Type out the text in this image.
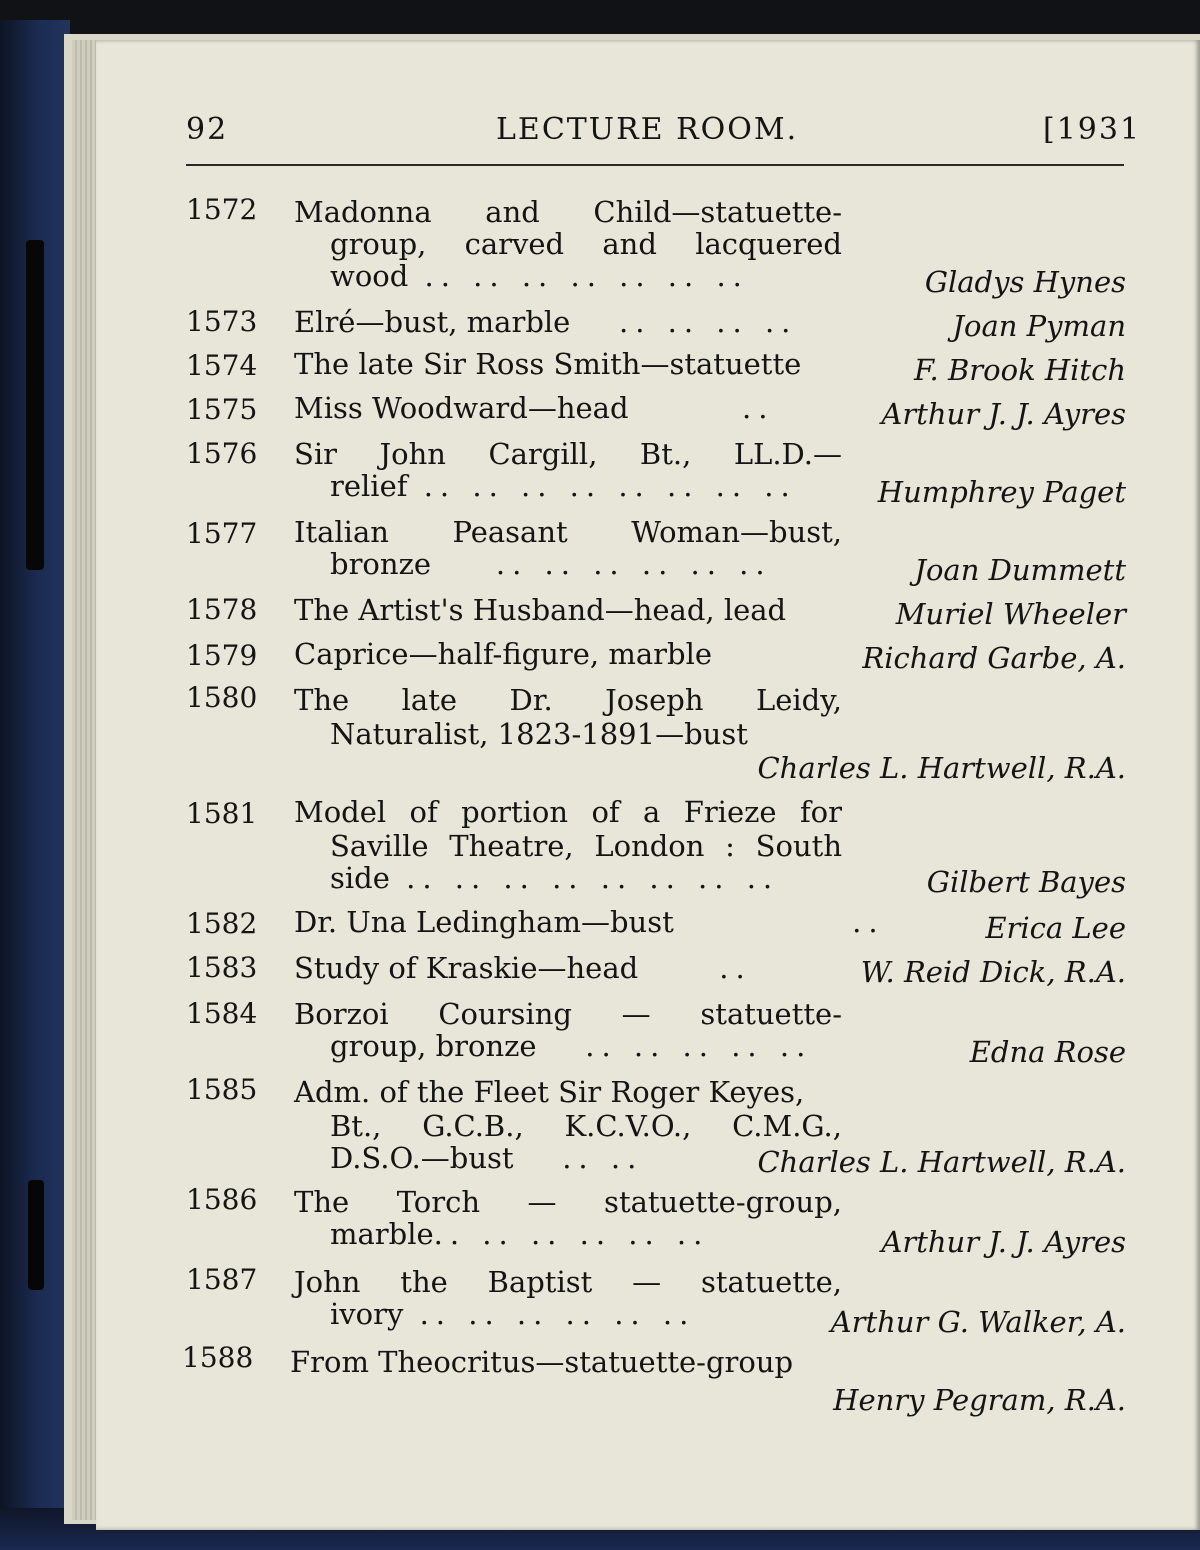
92	LECTURE ROOM.	[1931
1572 Madonna and Child—statuette-
group, carved and lacquered
wood .. .. .. .. .. .. ..	Gladys Hynes
1573 Elré—bust, marble   .. .. .. ..	Joan Pyman
1574 The late Sir Ross Smith—statuette	F. Brook Hitch
1575 Miss Woodward—head       ..	Arthur J. J. Ayres
1576 Sir John Cargill, Bt., LL.D.—
relief .. .. .. .. .. .. .. ..	Humphrey Paget
1577 Italian Peasant Woman—bust,
bronze    .. .. .. .. .. ..	Joan Dummett
1578 The Artist's Husband—head, lead	Muriel Wheeler
1579 Caprice—half-figure, marble	Richard Garbe, A.
1580 The late Dr. Joseph Leidy,
Naturalist, 1823-1891—bust
Charles L. Hartwell, R.A.
1581 Model of portion of a Frieze for
Saville Theatre, London : South
side .. .. .. .. .. .. .. ..	Gilbert Bayes
1582 Dr. Una Ledingham—bust           ..	Erica Lee
1583 Study of Kraskie—head     ..	W. Reid Dick, R.A.
1584 Borzoi Coursing — statuette-
group, bronze   .. .. .. .. ..	Edna Rose
1585 Adm. of the Fleet Sir Roger Keyes,
Bt., G.C.B., K.C.V.O., C.M.G.,
D.S.O.—bust   .. ..	Charles L. Hartwell, R.A.
1586 The Torch — statuette-group,
marble.. .. .. .. .. ..	Arthur J. J. Ayres
1587 John the Baptist — statuette,
ivory .. .. .. .. .. ..	Arthur G. Walker, A.
1588 From Theocritus—statuette-group
Henry Pegram, R.A.
